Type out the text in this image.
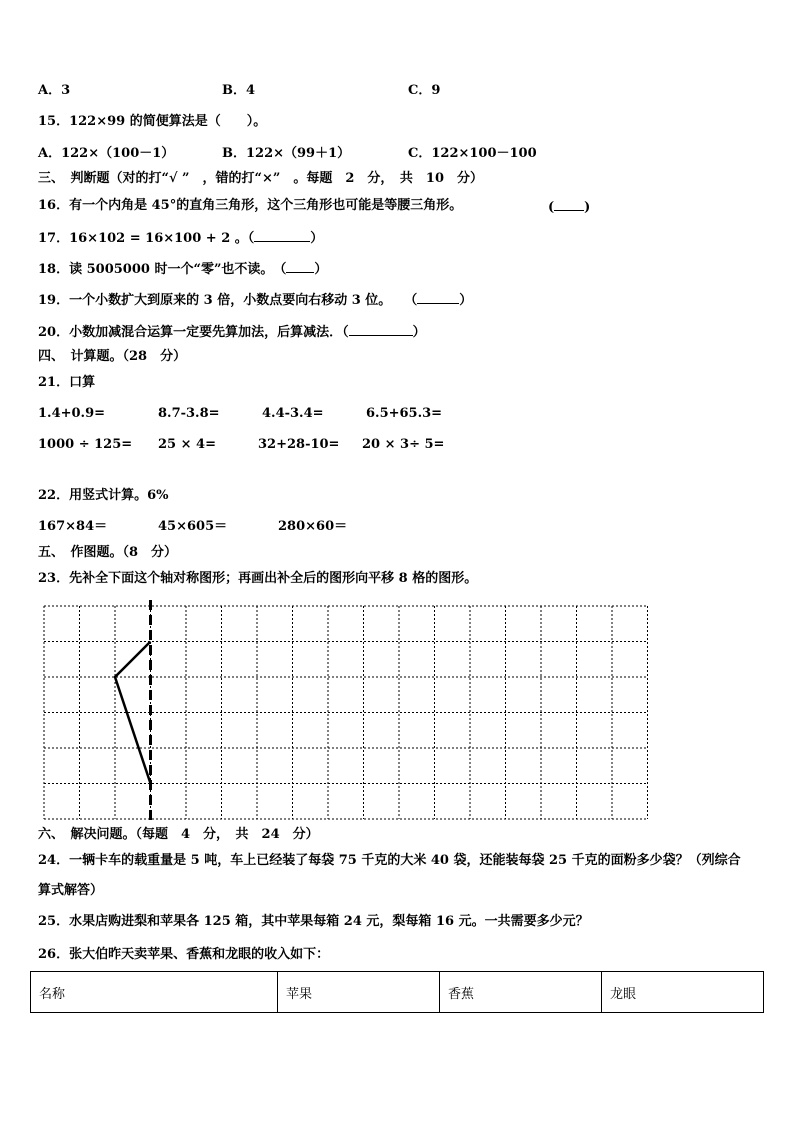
A．3	B．4	C．9
15．122×99 的简便算法是（　　）。
A．122×（100－1）	B．122×（99＋1）	C．122×100－100
三、　判断题（对的打“√ ”　，错的打“×”　。每题　2　分，　共　10　分）
16．有一个内角是 45°的直角三角形，这个三角形也可能是等腰三角形。	( )
17．16×102 = 16×100 + 2 。（	）
18．读 5005000 时一个“零”也不读。　（ ）
19．一个小数扩大到原来的 3 倍，小数点要向右移动 3 位。　　（	）
20．小数加减混合运算一定要先算加法，后算减法．（	）
四、　计算题。（28　分）
21．口算
1.4+0.9=	8.7-3.8=	4.4-3.4=	6.5+65.3=
1000 ÷ 125= 25 × 4=	32+28-10= 20 × 3÷ 5=
22．用竖式计算。6%
167×84＝	45×605＝	280×60＝
五、　作图题。（8　分）
23．先补全下面这个轴对称图形；再画出补全后的图形向平移 8 格的图形。
六、　解决问题。（每题　4　分，　共　24　分）
24．一辆卡车的载重量是 5 吨，车上已经装了每袋 75 千克的大米 40 袋，还能装每袋 25 千克的面粉多少袋？（列综合
算式解答）
25．水果店购进梨和苹果各 125 箱，其中苹果每箱 24 元，梨每箱 16 元。一共需要多少元？
26．张大伯昨天卖苹果、香蕉和龙眼的收入如下：
名称	苹果	香蕉	龙眼
